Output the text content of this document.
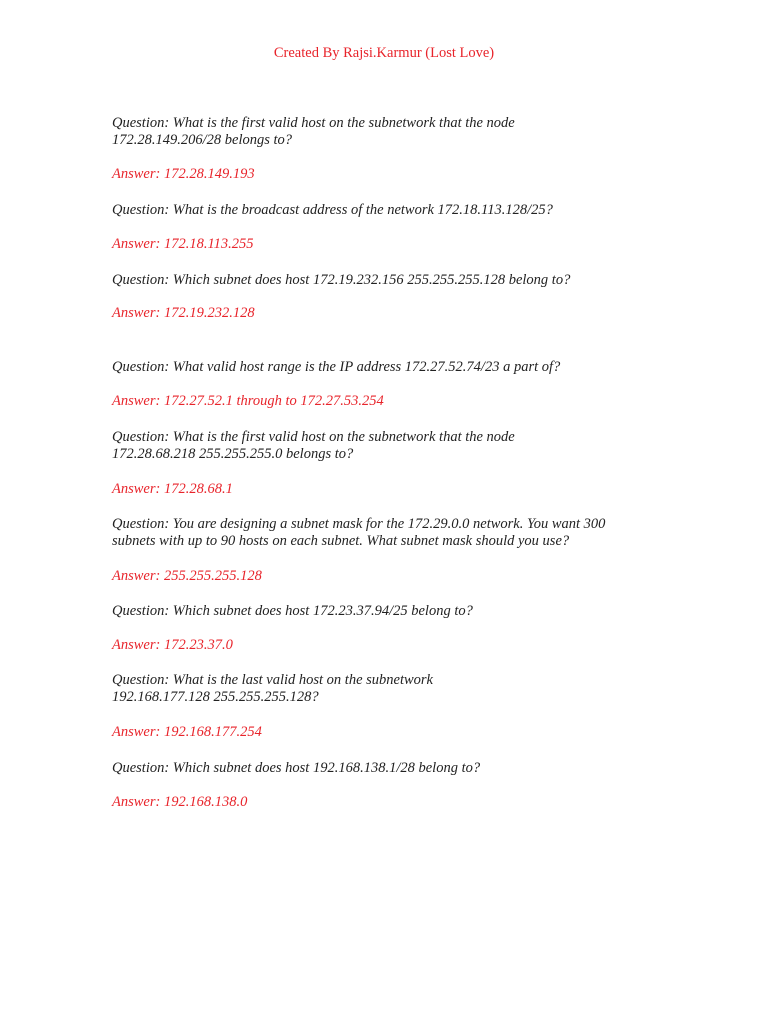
Created By Rajsi.Karmur (Lost Love)
Question: What is the first valid host on the subnetwork that the node
172.28.149.206/28 belongs to?
Answer: 172.28.149.193
Question: What is the broadcast address of the network 172.18.113.128/25?
Answer: 172.18.113.255
Question: Which subnet does host 172.19.232.156 255.255.255.128 belong to?
Answer: 172.19.232.128
Question: What valid host range is the IP address 172.27.52.74/23 a part of?
Answer: 172.27.52.1 through to 172.27.53.254
Question: What is the first valid host on the subnetwork that the node
172.28.68.218 255.255.255.0 belongs to?
Answer: 172.28.68.1
Question: You are designing a subnet mask for the 172.29.0.0 network. You want 300
subnets with up to 90 hosts on each subnet. What subnet mask should you use?
Answer: 255.255.255.128
Question: Which subnet does host 172.23.37.94/25 belong to?
Answer: 172.23.37.0
Question: What is the last valid host on the subnetwork
192.168.177.128 255.255.255.128?
Answer: 192.168.177.254
Question: Which subnet does host 192.168.138.1/28 belong to?
Answer: 192.168.138.0
